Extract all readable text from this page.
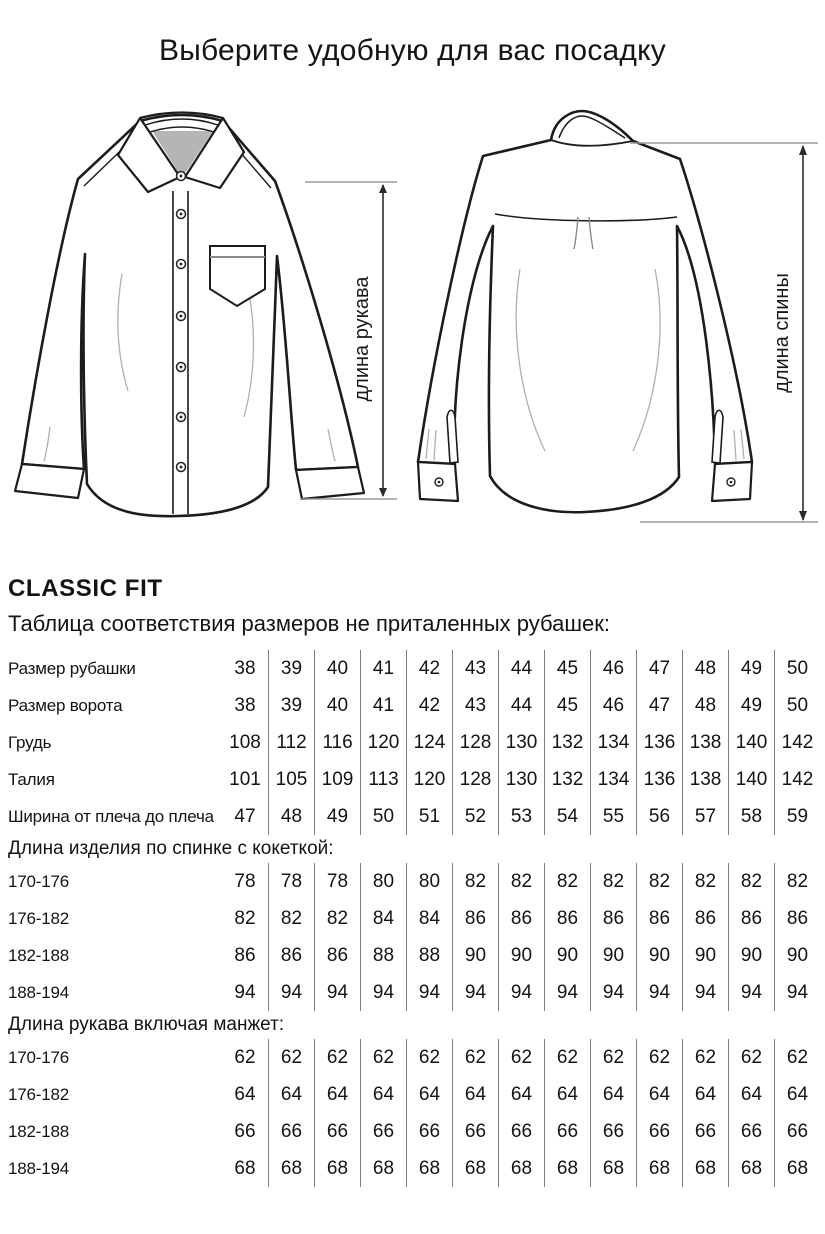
Выберите удобную для вас посадку
длина рукава	длина спины
CLASSIC FIT

Таблица соответствия размеров не приталенных рубашек:

Размер рубашки	38	39	40	41	42	43	44	45	46	47	48	49	50
Размер ворота	38	39	40	41	42	43	44	45	46	47	48	49	50
Грудь	108 112 116 120 124 128 130 132 134 136 138 140 142
Талия	101 105 109 113 120 128 130 132 134 136 138 140 142
Ширина от плеча до плеча	47	48	49	50	51	52	53	54	55	56	57	58	59
Длина изделия по спинке с кокеткой:
170-176	78	78	78	80	80	82	82	82	82	82	82	82	82
176-182	82	82	82	84	84	86	86	86	86	86	86	86	86
182-188	86	86	86	88	88	90	90	90	90	90	90	90	90
188-194	94	94	94	94	94	94	94	94	94	94	94	94	94
Длина рукава включая манжет:
170-176	62	62	62	62	62	62	62	62	62	62	62	62	62
176-182	64	64	64	64	64	64	64	64	64	64	64	64	64
182-188	66	66	66	66	66	66	66	66	66	66	66	66	66
188-194	68	68	68	68	68	68	68	68	68	68	68	68	68
